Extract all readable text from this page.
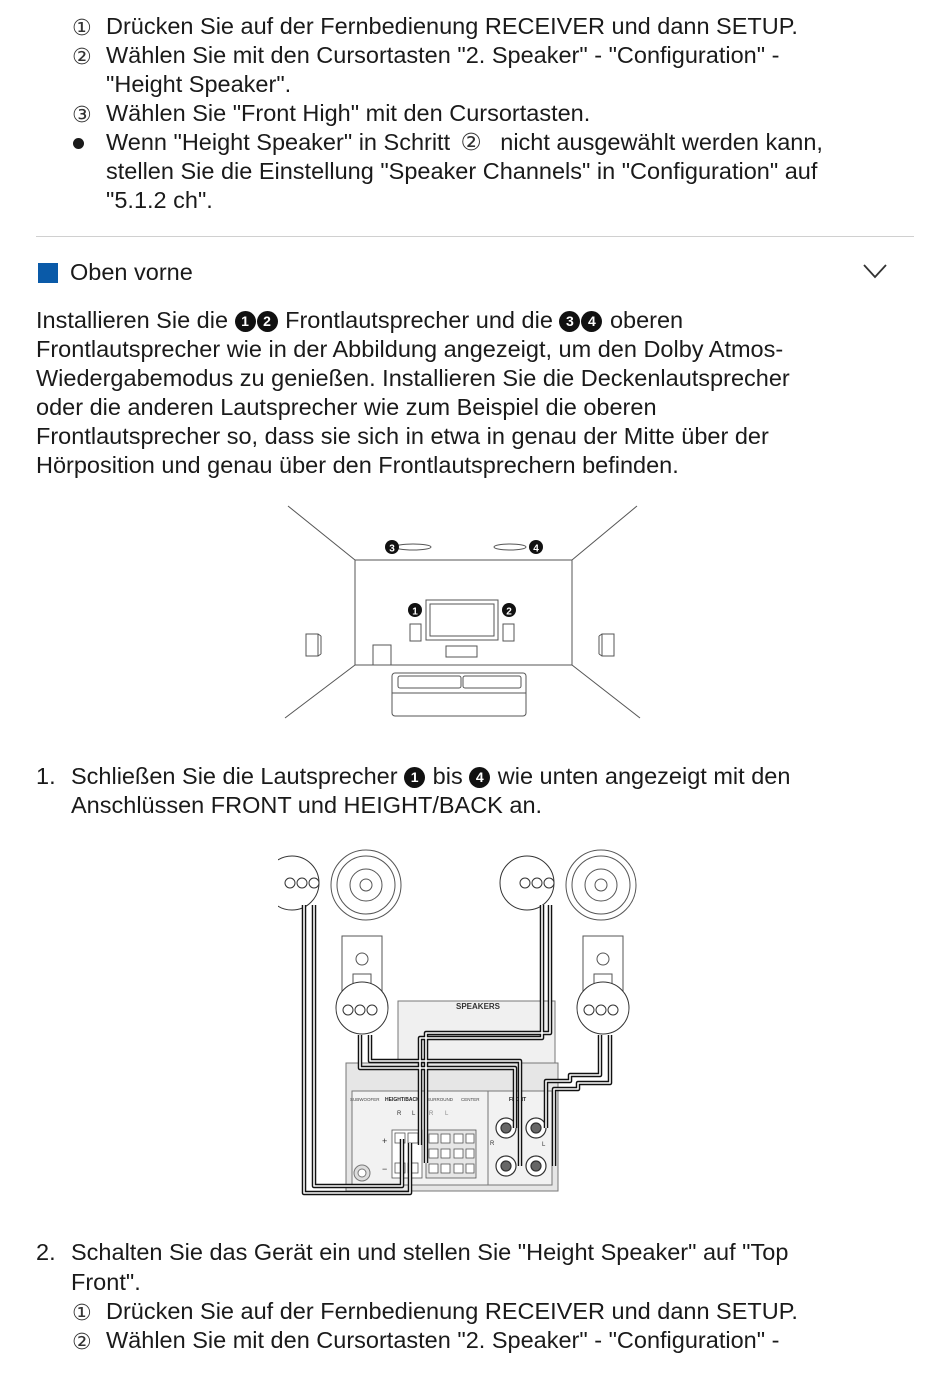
① Drücken Sie auf der Fernbedienung RECEIVER und dann SETUP.
② Wählen Sie mit den Cursortasten "2. Speaker" - "Configuration" -
"Height Speaker".
③ Wählen Sie "Front High" mit den Cursortasten.
Wenn "Height Speaker" in Schritt ② nicht ausgewählt werden kann,
stellen Sie die Einstellung "Speaker Channels" in "Configuration" auf
"5.1.2 ch".
Oben vorne
Installieren Sie die 1 2 Frontlautsprecher und die 3 4 oberen
Frontlautsprecher wie in der Abbildung angezeigt, um den Dolby Atmos-
Wiedergabemodus zu genießen. Installieren Sie die Deckenlautsprecher
oder die anderen Lautsprecher wie zum Beispiel die oberen
Frontlautsprecher so, dass sie sich in etwa in genau der Mitte über der
Hörposition und genau über den Frontlautsprechern befinden.
3	4
1	2
1. Schließen Sie die Lautsprecher 1 bis 4 wie unten angezeigt mit den
Anschlüssen FRONT und HEIGHT/BACK an.
SPEAKERS
SUBWOOFER HEIGHT/BACK SURROUND CENTER	FRONT
R L R L
R	L
+
−
2. Schalten Sie das Gerät ein und stellen Sie "Height Speaker" auf "Top
Front".
① Drücken Sie auf der Fernbedienung RECEIVER und dann SETUP.
② Wählen Sie mit den Cursortasten "2. Speaker" - "Configuration" -
